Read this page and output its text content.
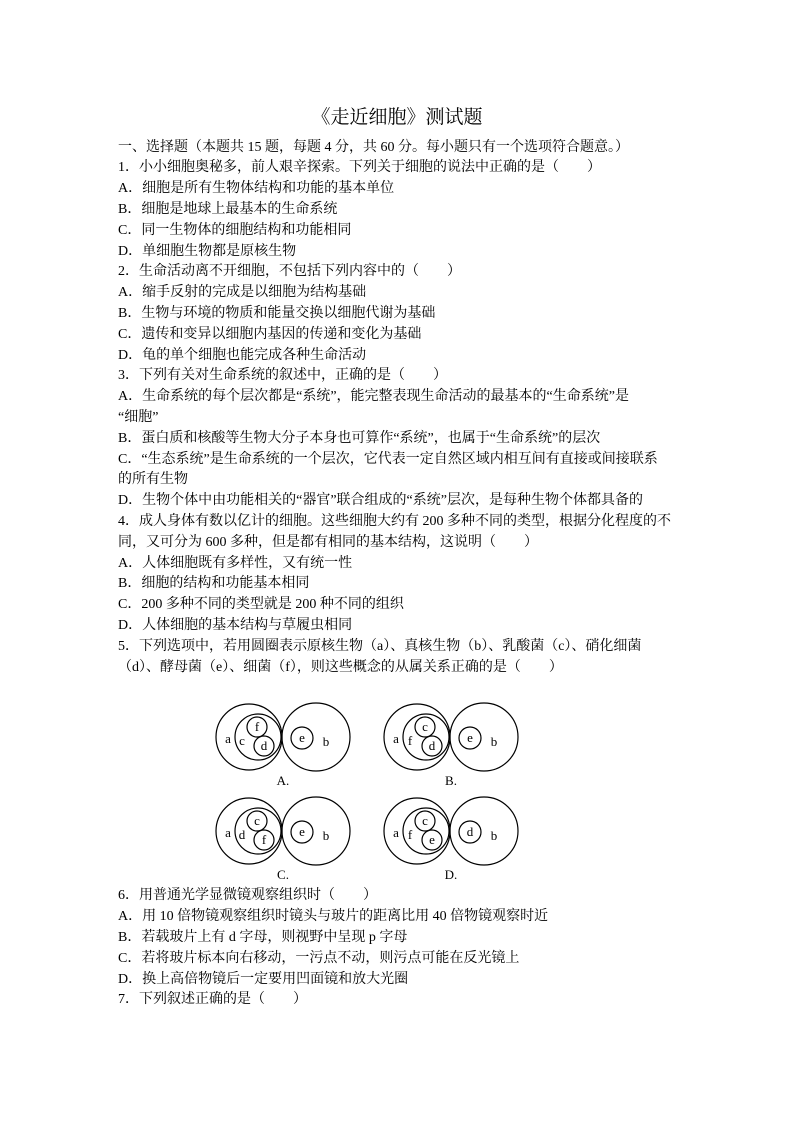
《走近细胞》测试题
一、选择题（本题共 15 题，每题 4 分，共 60 分。每小题只有一个选项符合题意。）
1．小小细胞奥秘多，前人艰辛探索。下列关于细胞的说法中正确的是（　　）
A．细胞是所有生物体结构和功能的基本单位
B．细胞是地球上最基本的生命系统
C．同一生物体的细胞结构和功能相同
D．单细胞生物都是原核生物
2．生命活动离不开细胞，不包括下列内容中的（　　）
A．缩手反射的完成是以细胞为结构基础
B．生物与环境的物质和能量交换以细胞代谢为基础
C．遗传和变异以细胞内基因的传递和变化为基础
D．龟的单个细胞也能完成各种生命活动
3．下列有关对生命系统的叙述中，正确的是（　　）
A．生命系统的每个层次都是“系统”，能完整表现生命活动的最基本的“生命系统”是
“细胞”
B．蛋白质和核酸等生物大分子本身也可算作“系统”，也属于“生命系统”的层次
C．“生态系统”是生命系统的一个层次，它代表一定自然区域内相互间有直接或间接联系
的所有生物
D．生物个体中由功能相关的“器官”联合组成的“系统”层次，是每种生物个体都具备的
4．成人身体有数以亿计的细胞。这些细胞大约有 200 多种不同的类型，根据分化程度的不
同，又可分为 600 多种，但是都有相同的基本结构，这说明（　　）
A．人体细胞既有多样性，又有统一性
B．细胞的结构和功能基本相同
C．200 多种不同的类型就是 200 种不同的组织
D．人体细胞的基本结构与草履虫相同
5．下列选项中，若用圆圈表示原核生物（a）、真核生物（b）、乳酸菌（c）、硝化细菌
（d）、酵母菌（e）、细菌（f），则这些概念的从属关系正确的是（　　）
a c
f
d
e b
A.
a f
c
d
e b
B.
a d
c
f
e b
C.
a f
c
e
d b
D.
6．用普通光学显微镜观察组织时（　　）
A．用 10 倍物镜观察组织时镜头与玻片的距离比用 40 倍物镜观察时近
B．若载玻片上有 d 字母，则视野中呈现 p 字母
C．若将玻片标本向右移动，一污点不动，则污点可能在反光镜上
D．换上高倍物镜后一定要用凹面镜和放大光圈
7．下列叙述正确的是（　　）
